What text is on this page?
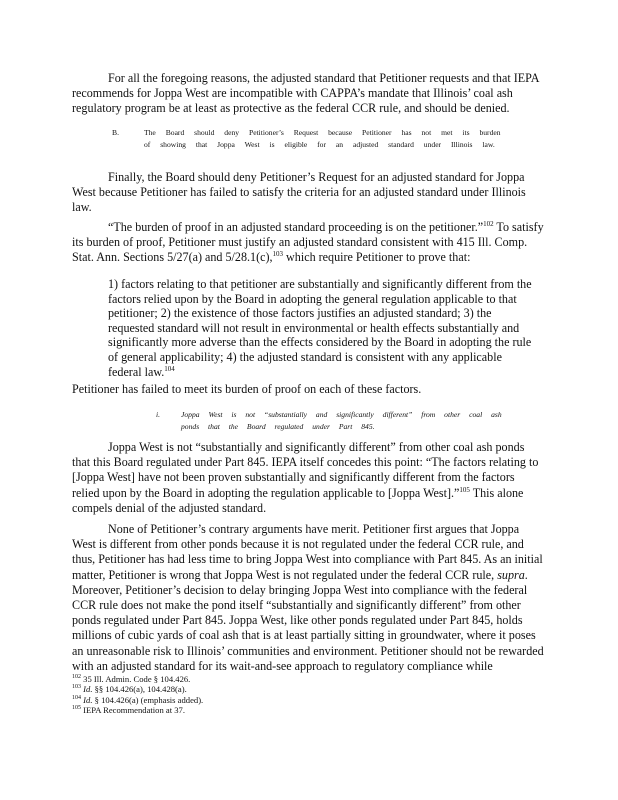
For all the foregoing reasons, the adjusted standard that Petitioner requests and that IEPA recommends for Joppa West are incompatible with CAPPA’s mandate that Illinois’ coal ash regulatory program be at least as protective as the federal CCR rule, and should be denied.

B.	The Board should deny Petitioner’s Request because Petitioner has not met its burden of showing that Joppa West is eligible for an adjusted standard under Illinois law.

Finally, the Board should deny Petitioner’s Request for an adjusted standard for Joppa West because Petitioner has failed to satisfy the criteria for an adjusted standard under Illinois law.

“The burden of proof in an adjusted standard proceeding is on the petitioner.”$^{102}$ To satisfy its burden of proof, Petitioner must justify an adjusted standard consistent with 415 Ill. Comp. Stat. Ann. Sections 5/27(a) and 5/28.1(c),$^{103}$ which require Petitioner to prove that:

1) factors relating to that petitioner are substantially and significantly different from the factors relied upon by the Board in adopting the general regulation applicable to that petitioner; 2) the existence of those factors justifies an adjusted standard; 3) the requested standard will not result in environmental or health effects substantially and significantly more adverse than the effects considered by the Board in adopting the rule of general applicability; 4) the adjusted standard is consistent with any applicable federal law.$^{104}$

Petitioner has failed to meet its burden of proof on each of these factors.

i.	Joppa West is not “substantially and significantly different” from other coal ash ponds that the Board regulated under Part 845.

Joppa West is not “substantially and significantly different” from other coal ash ponds that this Board regulated under Part 845. IEPA itself concedes this point: “The factors relating to [Joppa West] have not been proven substantially and significantly different from the factors relied upon by the Board in adopting the regulation applicable to [Joppa West].”$^{105}$ This alone compels denial of the adjusted standard.

None of Petitioner’s contrary arguments have merit. Petitioner first argues that Joppa West is different from other ponds because it is not regulated under the federal CCR rule, and thus, Petitioner has had less time to bring Joppa West into compliance with Part 845. As an initial matter, Petitioner is wrong that Joppa West is not regulated under the federal CCR rule, supra. Moreover, Petitioner’s decision to delay bringing Joppa West into compliance with the federal CCR rule does not make the pond itself “substantially and significantly different” from other ponds regulated under Part 845. Joppa West, like other ponds regulated under Part 845, holds millions of cubic yards of coal ash that is at least partially sitting in groundwater, where it poses an unreasonable risk to Illinois’ communities and environment. Petitioner should not be rewarded with an adjusted standard for its wait-and-see approach to regulatory compliance while

$^{102}$ 35 Ill. Admin. Code § 104.426.
$^{103}$ Id. §§ 104.426(a), 104.428(a).
$^{104}$ Id. § 104.426(a) (emphasis added).
$^{105}$ IEPA Recommendation at 37.
